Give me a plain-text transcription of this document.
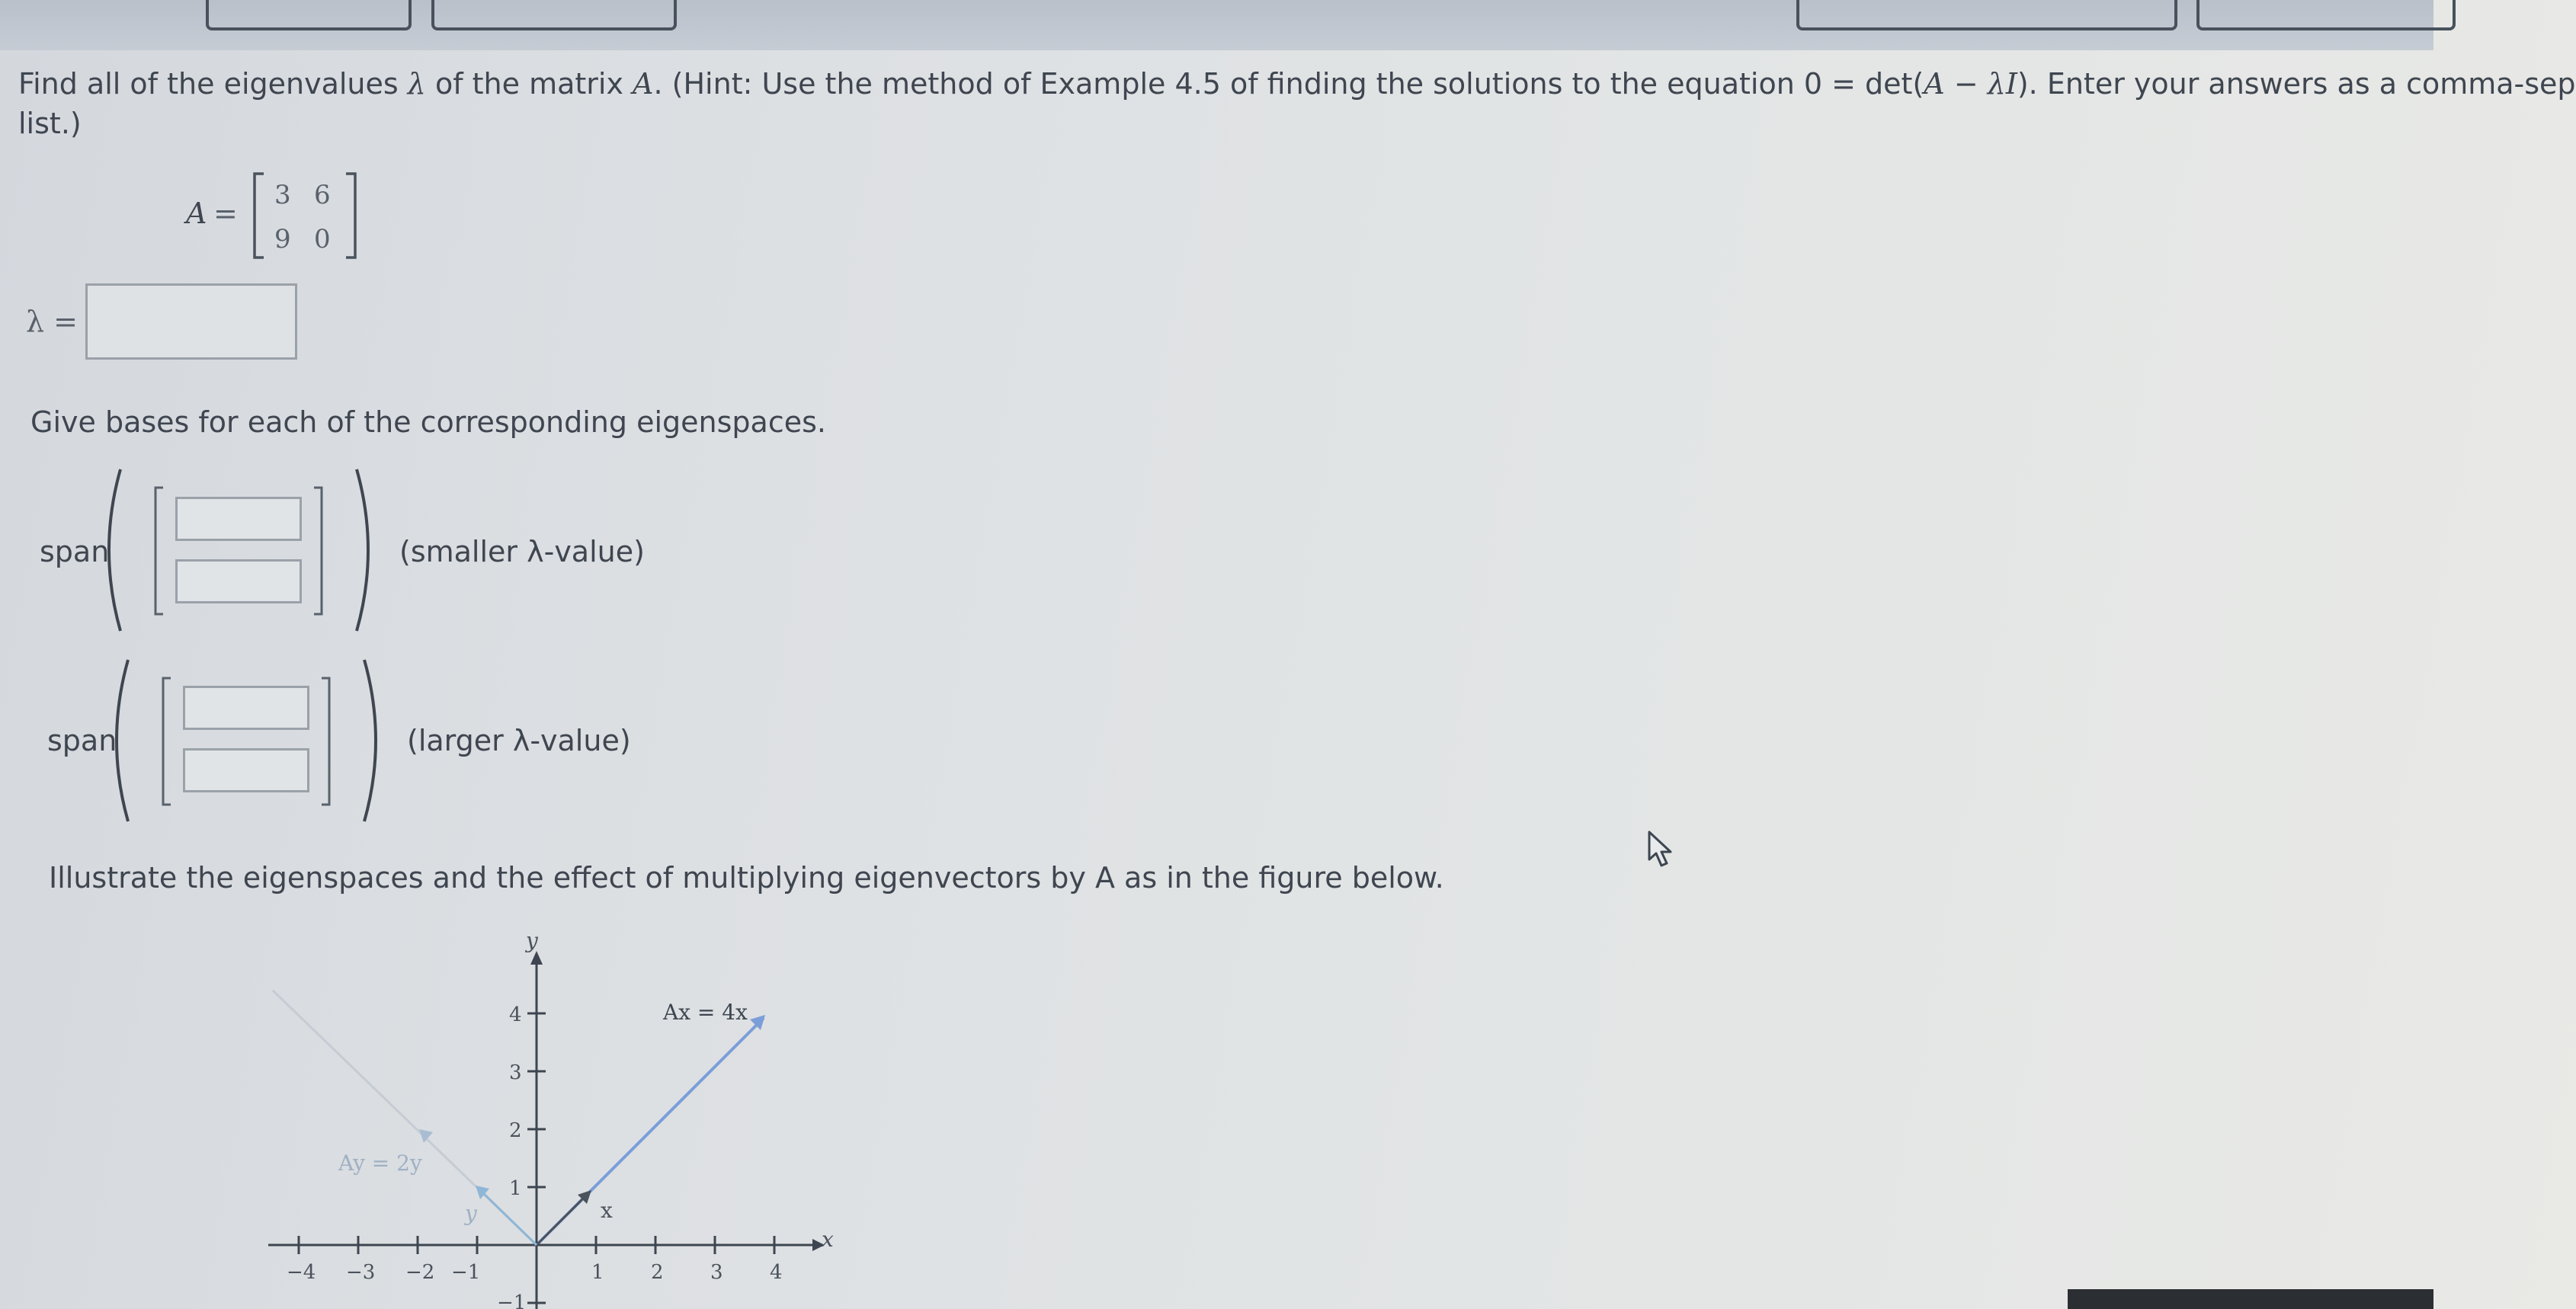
Find all of the eigenvalues λ of the matrix A. (Hint: Use the method of Example 4.5 of finding the solutions to the equation 0 = det(A − λI). Enter your answers as a comma-sep
list.)
A =
3 6
9 0
λ =
Give bases for each of the corresponding eigenspaces.
span	(smaller λ-value)
span	(larger λ-value)
Illustrate the eigenspaces and the effect of multiplying eigenvectors by A as in the figure below.
−4 −3 −2 −1	1 2 3 4
4
3
2
1
−1
y
x
x
Ax = 4x
y
Ay = 2y
